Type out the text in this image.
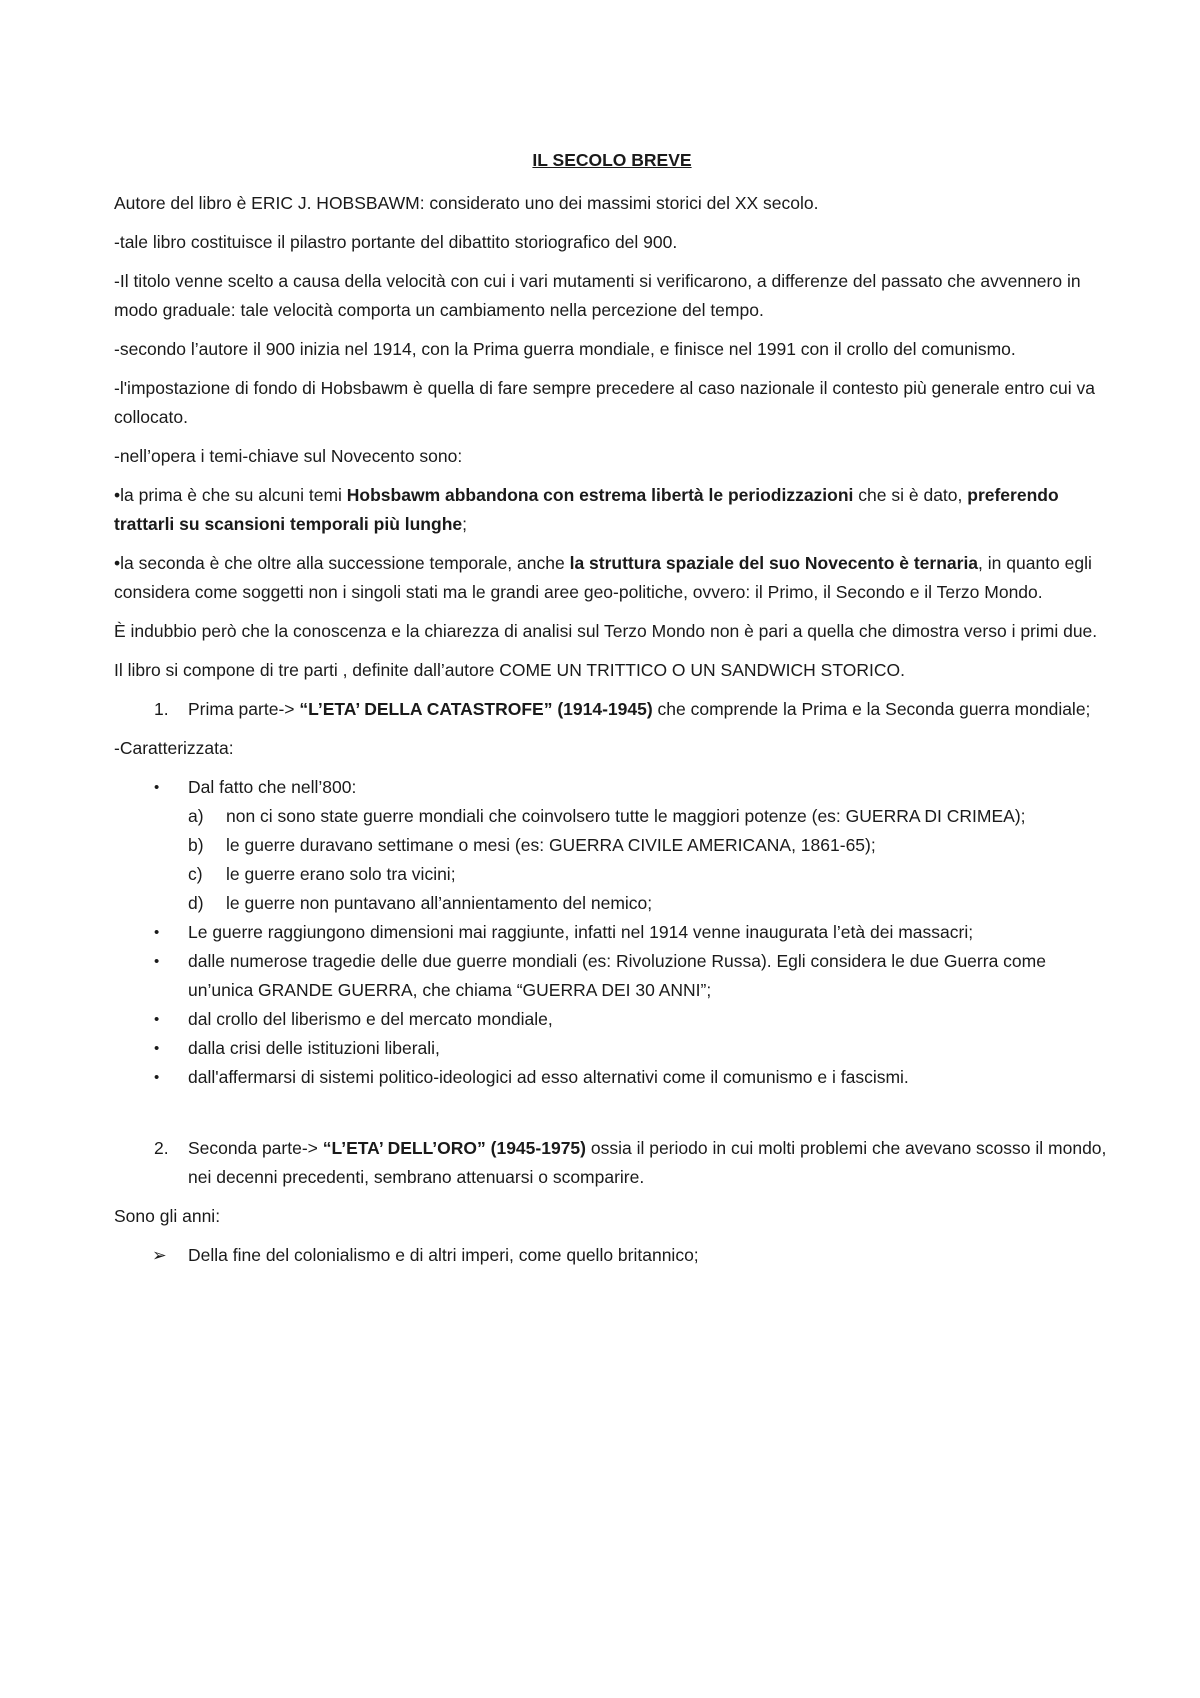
IL SECOLO BREVE

Autore del libro è ERIC J. HOBSBAWM: considerato uno dei massimi storici del XX secolo.

-tale libro costituisce il pilastro portante del dibattito storiografico del 900.

-Il titolo venne scelto a causa della velocità con cui i vari mutamenti si verificarono, a differenze del passato che avvennero in modo graduale: tale velocità comporta un cambiamento nella percezione del tempo.

-secondo l’autore il 900 inizia nel 1914, con la Prima guerra mondiale, e finisce nel 1991 con il crollo del comunismo.

-l'impostazione di fondo di Hobsbawm è quella di fare sempre precedere al caso nazionale il contesto più generale entro cui va collocato.

-nell’opera i temi-chiave sul Novecento sono:

•la prima è che su alcuni temi Hobsbawm abbandona con estrema libertà le periodizzazioni che si è dato, preferendo trattarli su scansioni temporali più lunghe;

•la seconda è che oltre alla successione temporale, anche la struttura spaziale del suo Novecento è ternaria, in quanto egli considera come soggetti non i singoli stati ma le grandi aree geo-politiche, ovvero: il Primo, il Secondo e il Terzo Mondo.

È indubbio però che la conoscenza e la chiarezza di analisi sul Terzo Mondo non è pari a quella che dimostra verso i primi due.

Il libro si compone di tre parti , definite dall’autore COME UN TRITTICO O UN SANDWICH STORICO.

1. Prima parte-> “L’ETA’ DELLA CATASTROFE” (1914-1945) che comprende la Prima e la Seconda guerra mondiale;

-Caratterizzata:

• Dal fatto che nell’800:
a) non ci sono state guerre mondiali che coinvolsero tutte le maggiori potenze (es: GUERRA DI CRIMEA);
b) le guerre duravano settimane o mesi (es: GUERRA CIVILE AMERICANA, 1861-65);
c) le guerre erano solo tra vicini;
d) le guerre non puntavano all’annientamento del nemico;
• Le guerre raggiungono dimensioni mai raggiunte, infatti nel 1914 venne inaugurata l’età dei massacri;
• dalle numerose tragedie delle due guerre mondiali (es: Rivoluzione Russa). Egli considera le due Guerra come un’unica GRANDE GUERRA, che chiama “GUERRA DEI 30 ANNI”;
• dal crollo del liberismo e del mercato mondiale,
• dalla crisi delle istituzioni liberali,
• dall'affermarsi di sistemi politico-ideologici ad esso alternativi come il comunismo e i fascismi.
2. Seconda parte-> “L’ETA’ DELL’ORO” (1945-1975) ossia il periodo in cui molti problemi che avevano scosso il mondo, nei decenni precedenti, sembrano attenuarsi o scomparire.

Sono gli anni:

➢ Della fine del colonialismo e di altri imperi, come quello britannico;
